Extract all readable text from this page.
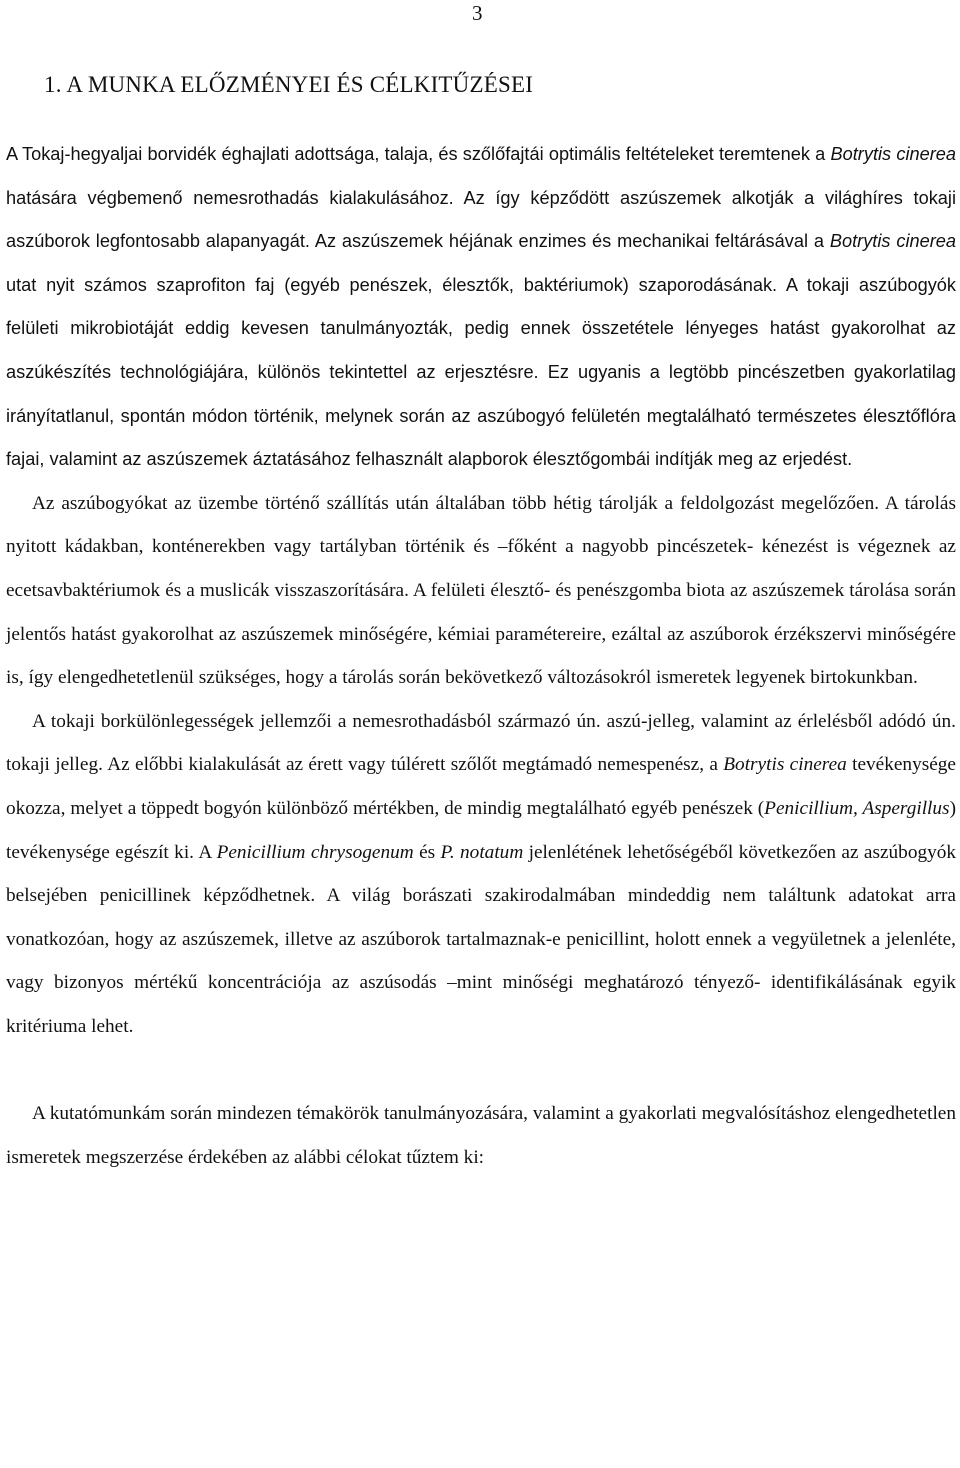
3
1. A MUNKA ELŐZMÉNYEI ÉS CÉLKITŰZÉSEI

A Tokaj-hegyaljai borvidék éghajlati adottsága, talaja, és szőlőfajtái optimális feltételeket teremtenek a Botrytis cinerea hatására végbemenő nemesrothadás kialakulásához. Az így képződött aszúszemek alkotják a világhíres tokaji aszúborok legfontosabb alapanyagát. Az aszúszemek héjának enzimes és mechanikai feltárásával a Botrytis cinerea utat nyit számos szaprofiton faj (egyéb penészek, élesztők, baktériumok) szaporodásának. A tokaji aszúbogyók felületi mikrobiotáját eddig kevesen tanulmányozták, pedig ennek összetétele lényeges hatást gyakorolhat az aszúkészítés technológiájára, különös tekintettel az erjesztésre. Ez ugyanis a legtöbb pincészetben gyakorlatilag irányítatlanul, spontán módon történik, melynek során az aszúbogyó felületén megtalálható természetes élesztőflóra fajai, valamint az aszúszemek áztatásához felhasznált alapborok élesztőgombái indítják meg az erjedést.

Az aszúbogyókat az üzembe történő szállítás után általában több hétig tárolják a feldolgozást megelőzően. A tárolás nyitott kádakban, konténerekben vagy tartályban történik és –főként a nagyobb pincészetek- kénezést is végeznek az ecetsavbaktériumok és a muslicák visszaszorítására. A felületi élesztő- és penészgomba biota az aszúszemek tárolása során jelentős hatást gyakorolhat az aszúszemek minőségére, kémiai paramétereire, ezáltal az aszúborok érzékszervi minőségére is, így elengedhetetlenül szükséges, hogy a tárolás során bekövetkező változásokról ismeretek legyenek birtokunkban.

A tokaji borkülönlegességek jellemzői a nemesrothadásból származó ún. aszú-jelleg, valamint az érlelésből adódó ún. tokaji jelleg. Az előbbi kialakulását az érett vagy túlérett szőlőt megtámadó nemespenész, a Botrytis cinerea tevékenysége okozza, melyet a töppedt bogyón különböző mértékben, de mindig megtalálható egyéb penészek (Penicillium, Aspergillus) tevékenysége egészít ki. A Penicillium chrysogenum és P. notatum jelenlétének lehetőségéből következően az aszúbogyók belsejében penicillinek képződhetnek. A világ borászati szakirodalmában mindeddig nem találtunk adatokat arra vonatkozóan, hogy az aszúszemek, illetve az aszúborok tartalmaznak-e penicillint, holott ennek a vegyületnek a jelenléte, vagy bizonyos mértékű koncentrációja az aszúsodás –mint minőségi meghatározó tényező- identifikálásának egyik kritériuma lehet.

A kutatómunkám során mindezen témakörök tanulmányozására, valamint a gyakorlati megvalósításhoz elengedhetetlen ismeretek megszerzése érdekében az alábbi célokat tűztem ki:
